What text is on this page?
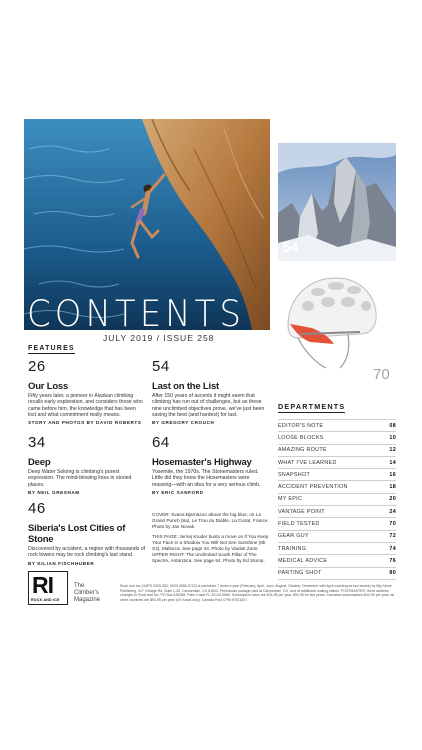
CONTENTS
JULY 2019 / ISSUE 258
54
70
FEATURES
26
Our Loss
Fifty years later, a pioneer in Alaskan climbing recalls early exploration, and considers those who came before him, the knowledge that has been lost and what commitment really means.
STORY AND PHOTOS BY DAVID ROBERTS
54
Last on the List
After 150 years of ascents it might seem that climbing has run out of challenges, but as these nine unclimbed objectives prove, we've just been saving the best (and hardest) for last.
BY GREGORY CROUCH
34
Deep
Deep Water Soloing is climbing's purest expression. The mind-blowing lines in storied places.
BY NEIL GRESHAM
64
Hosemaster's Highway
Yosemite, the 1970s. The Stonemasters ruled. Little did they know the Hosemasters were massing—with an idea for a very serious climb.
BY ERIC SANFORD
46
Siberia's Lost Cities of Stone
Discovered by accident, a region with thousands of rock towers may be rock climbing's last stand.
BY KILIAN FISCHHUBER

COVER: Svana Bjarnason above the big blue, on La Grand Punch (8a), Le Trou du Diable, La Ciotat, France. Photo by Jan Novak.

THIS PAGE: Jernej Kruder busts a move on If You Keep Your Face in a Shadow You Will Not See Sunshine (8b S3), Mallorca. See page 34. Photo by Vladek Zumr. UPPER RIGHT: The unclimbed South Pillar of The Spectre, Antarctica. See page 54. Photo by Ed Stump.

DEPARTMENTS
EDITOR'S NOTE	08
LOOSE BLOCKS	10
AMAZING ROUTE	12
WHAT I'VE LEARNED	14
SNAPSHOT	16
ACCIDENT PREVENTION	18
MY EPIC	20
VANTAGE POINT	24
FIELD TESTED	70
GEAR GUY	72
TRAINING	74
MEDICAL ADVICE	76
PARTING SHOT	80
RI
ROCK AND ICE
The
Climber's
Magazine
Rock and Ice (USPS 0000-352; ISSN 0885-5722) is published 7 times a year (February, April, June, August, October, December with April counting as two issues) by Big Stone Publishing, 417 Vintage Rd. Suite L-45, Carbondale, CO 81623. Periodicals postage paid at Carbondale, CO, and at additional mailing offices. POSTMASTER: Send address changes to Rock and Ice, PO Box 433268, Palm Coast FL 32143-9568. Subscription rates are $34.95 per year, $54.95 for two years. Canadian subscriptions $44.95 per year; all other countries are $54.95 per year (US funds only). Canada Post CPM #7511607.
